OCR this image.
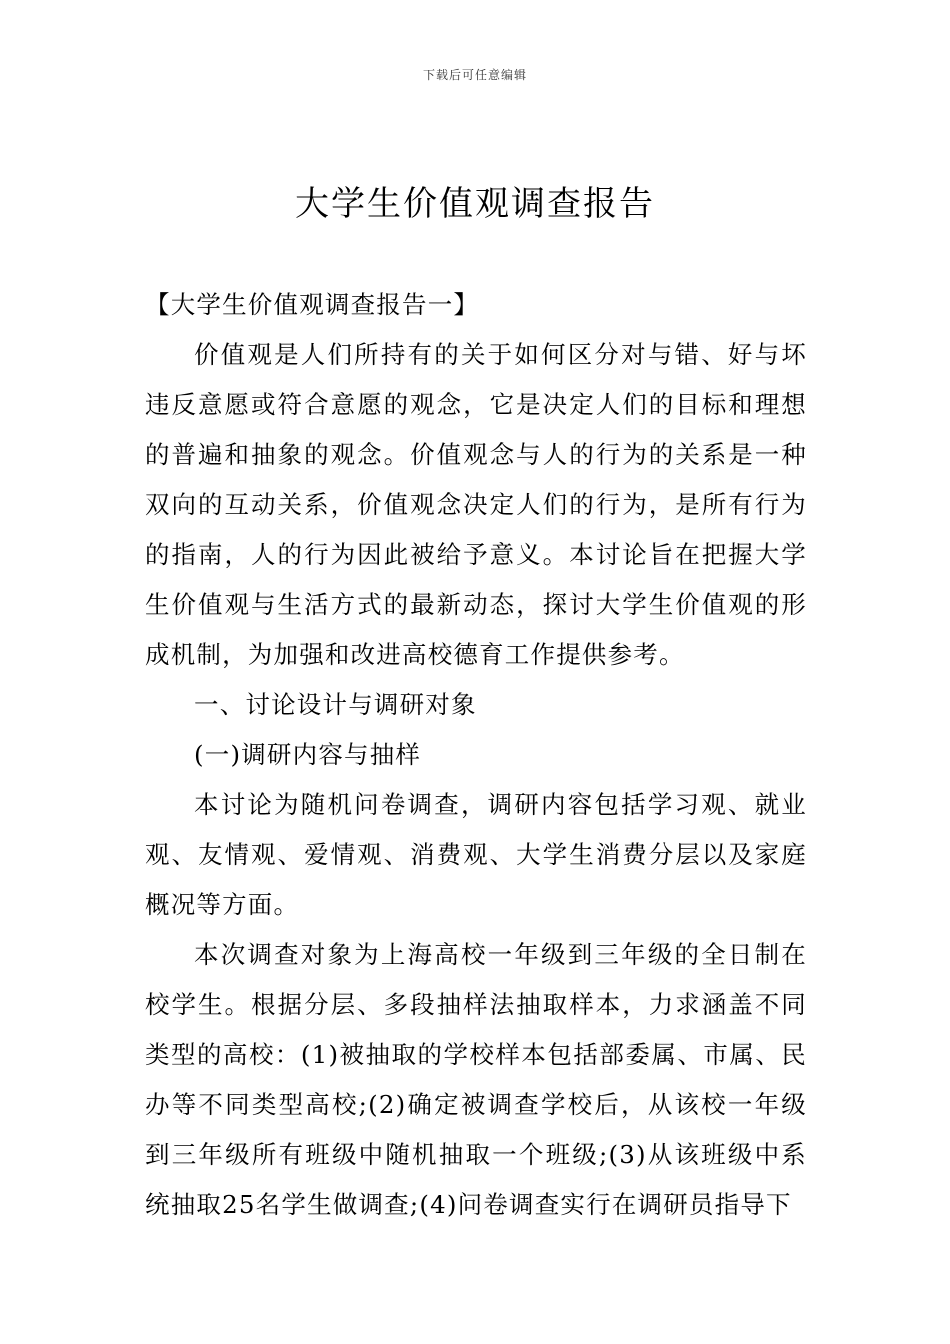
下载后可任意编辑
大学生价值观调查报告

【大学生价值观调查报告一】

价值观是人们所持有的关于如何区分对与错、好与坏违反意愿或符合意愿的观念，它是决定人们的目标和理想的普遍和抽象的观念。价值观念与人的行为的关系是一种双向的互动关系，价值观念决定人们的行为，是所有行为的指南，人的行为因此被给予意义。本讨论旨在把握大学生价值观与生活方式的最新动态，探讨大学生价值观的形成机制，为加强和改进高校德育工作提供参考。

一、讨论设计与调研对象

(一)调研内容与抽样

本讨论为随机问卷调查，调研内容包括学习观、就业观、友情观、爱情观、消费观、大学生消费分层以及家庭概况等方面。

本次调查对象为上海高校一年级到三年级的全日制在校学生。根据分层、多段抽样法抽取样本，力求涵盖不同类型的高校：(1)被抽取的学校样本包括部委属、市属、民办等不同类型高校;(2)确定被调查学校后，从该校一年级到三年级所有班级中随机抽取一个班级;(3)从该班级中系统抽取25名学生做调查;(4)问卷调查实行在调研员指导下
